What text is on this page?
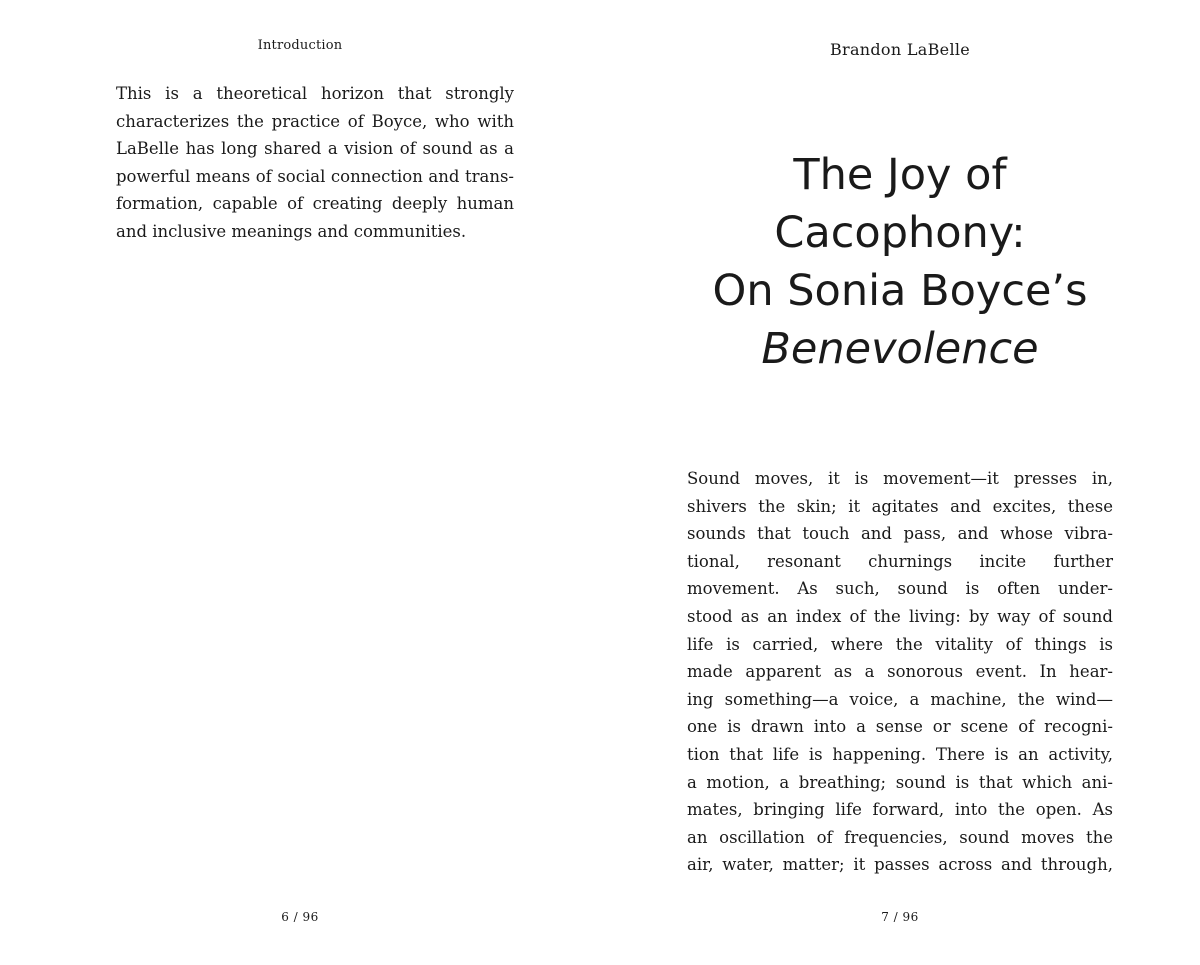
Introduction

This is a theoretical horizon that strongly
characterizes the practice of Boyce, who with
LaBelle has long shared a vision of sound as a
powerful means of social connection and trans-
formation, capable of creating deeply human
and inclusive meanings and communities.

6 / 96
Brandon LaBelle
The Joy of
Cacophony:
On Sonia Boyce’s
Benevolence

Sound moves, it is movement—it presses in,
shivers the skin; it agitates and excites, these
sounds that touch and pass, and whose vibra-
tional, resonant churnings incite further
movement. As such, sound is often under-
stood as an index of the living: by way of sound
life is carried, where the vitality of things is
made apparent as a sonorous event. In hear-
ing something—a voice, a machine, the wind—
one is drawn into a sense or scene of recogni-
tion that life is happening. There is an activity,
a motion, a breathing; sound is that which ani-
mates, bringing life forward, into the open. As
an oscillation of frequencies, sound moves the
air, water, matter; it passes across and through,

7 / 96
